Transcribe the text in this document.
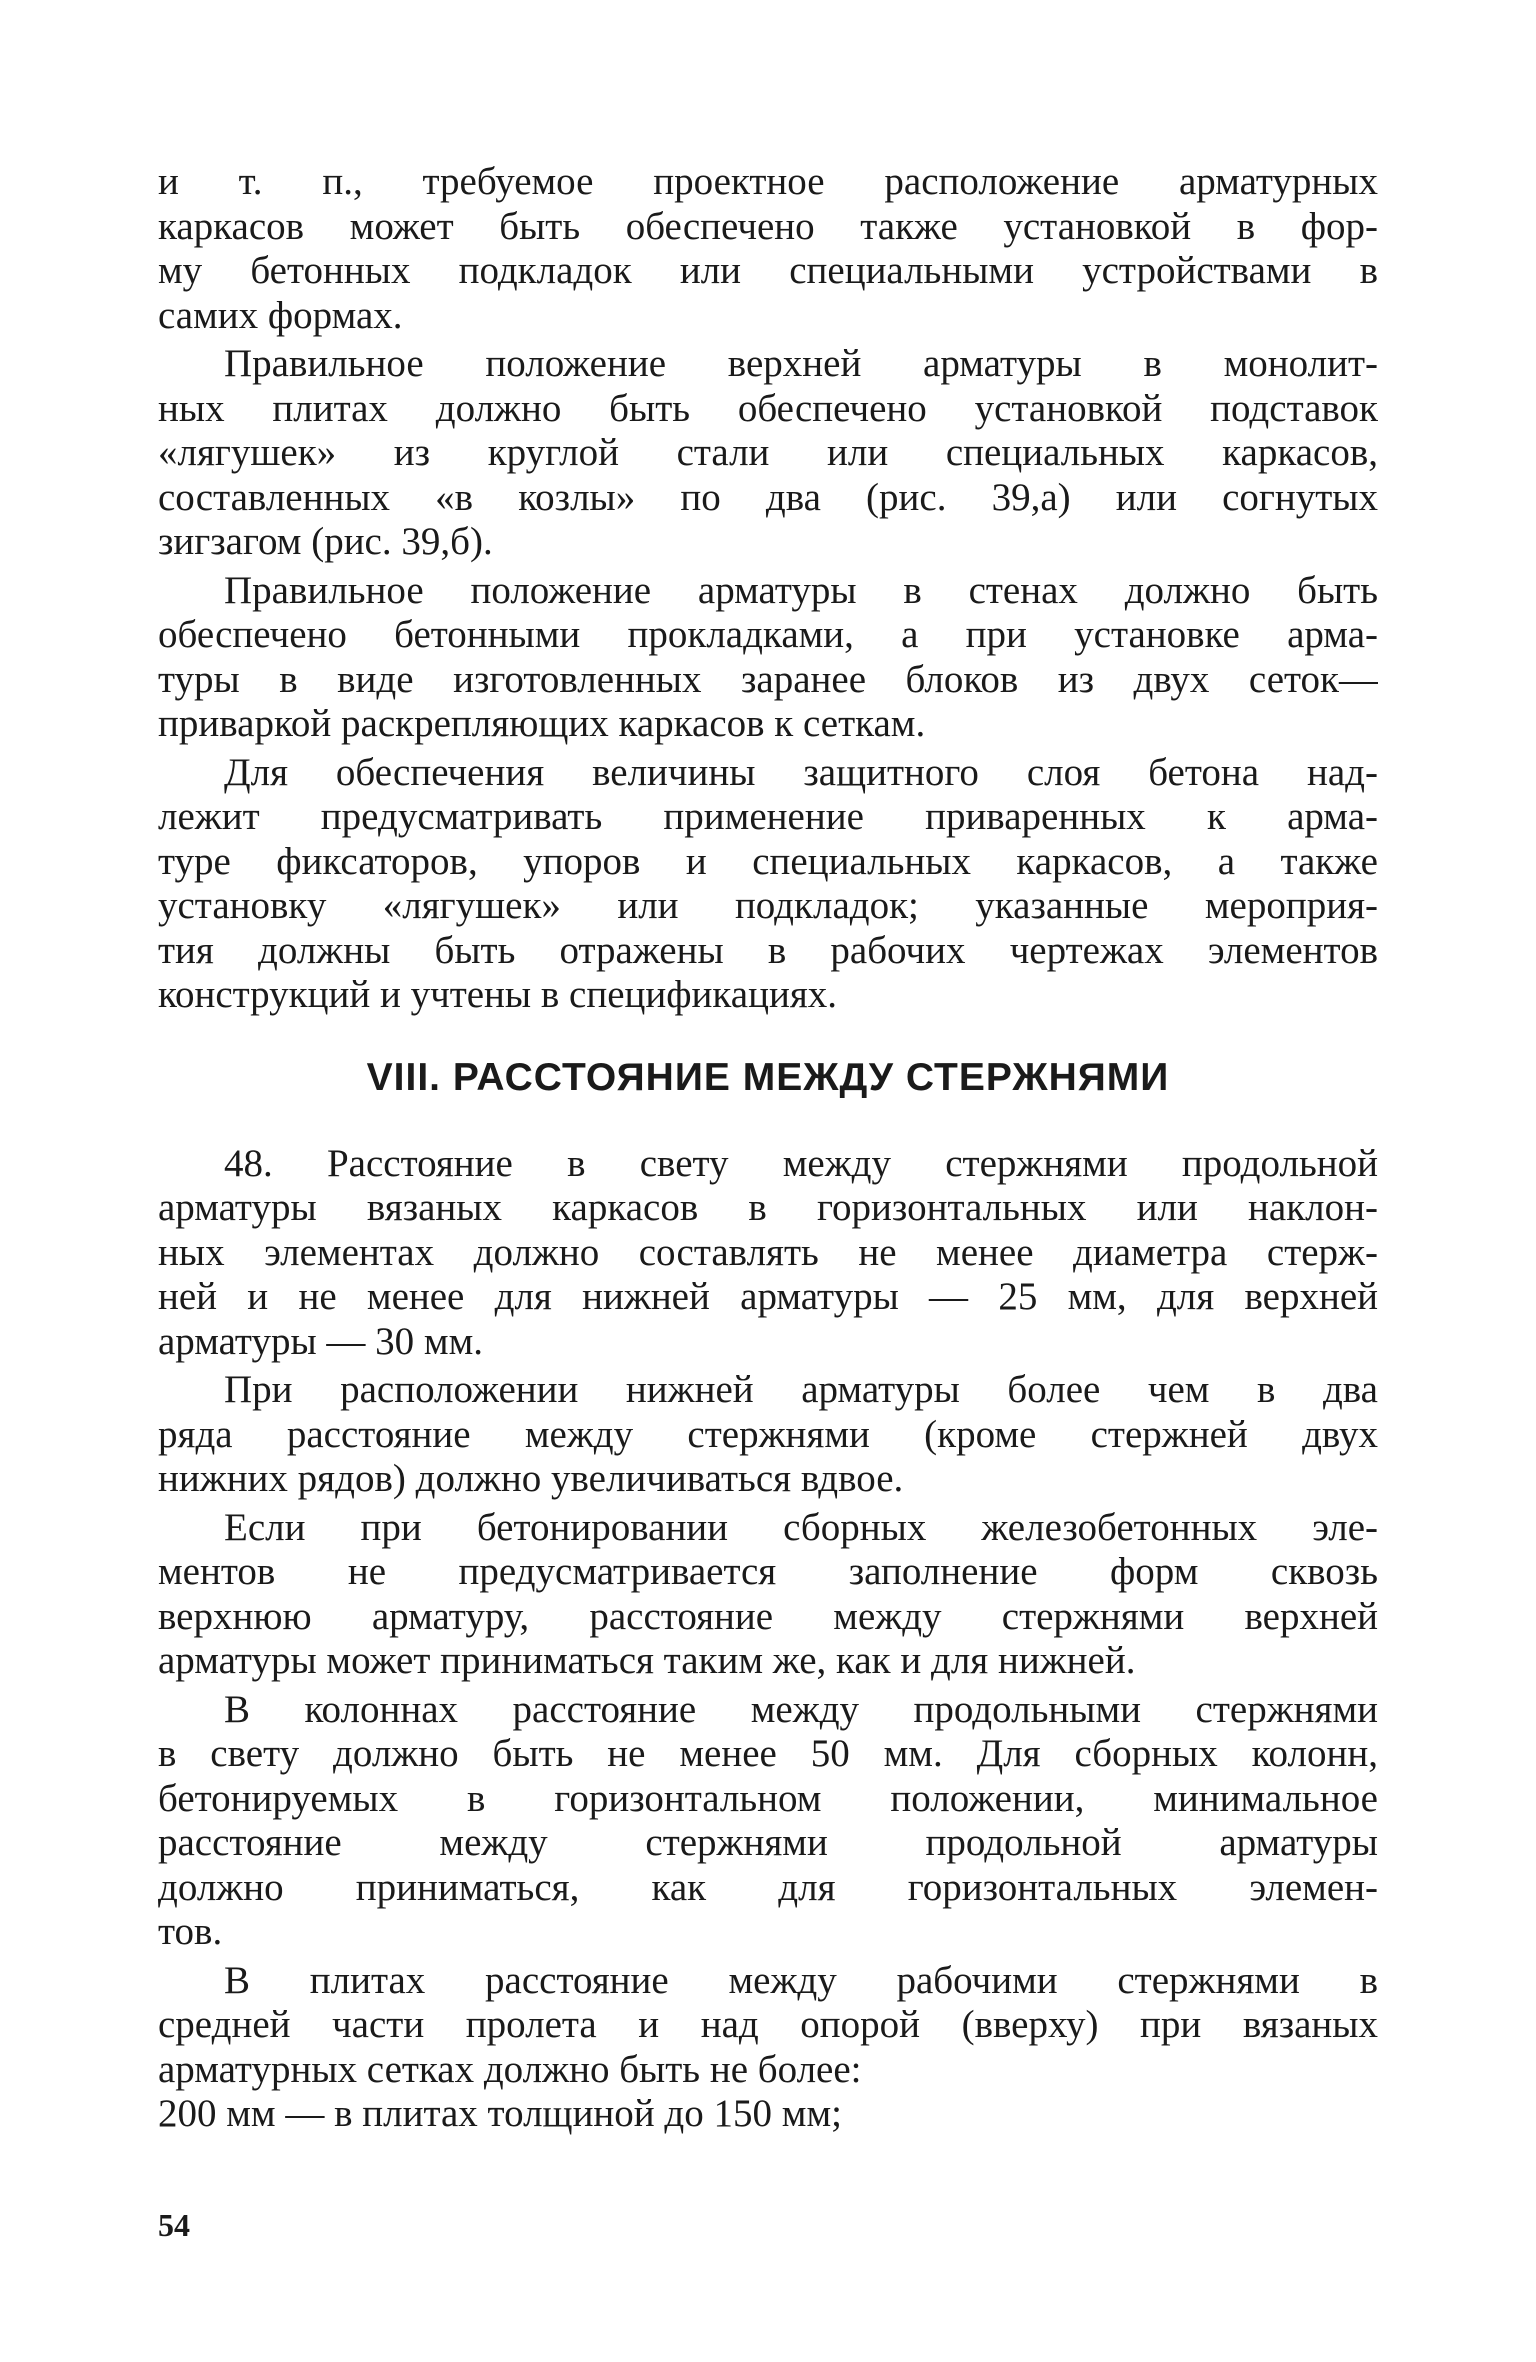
и т. п., требуемое проектное расположение арматурных
каркасов может быть обеспечено также установкой в фор-
му бетонных подкладок или специальными устройствами в
самих формах.
Правильное положение верхней арматуры в монолит-
ных плитах должно быть обеспечено установкой подставок
«лягушек» из круглой стали или специальных каркасов,
составленных «в козлы» по два (рис. 39,а) или согнутых
зигзагом (рис. 39,б).
Правильное положение арматуры в стенах должно быть
обеспечено бетонными прокладками, а при установке арма-
туры в виде изготовленных заранее блоков из двух сеток—
приваркой раскрепляющих каркасов к сеткам.
Для обеспечения величины защитного слоя бетона над-
лежит предусматривать применение приваренных к арма-
туре фиксаторов, упоров и специальных каркасов, а также
установку «лягушек» или подкладок; указанные мероприя-
тия должны быть отражены в рабочих чертежах элементов
конструкций и учтены в спецификациях.
VIII. РАССТОЯНИЕ МЕЖДУ СТЕРЖНЯМИ
48. Расстояние в свету между стержнями продольной
арматуры вязаных каркасов в горизонтальных или наклон-
ных элементах должно составлять не менее диаметра стерж-
ней и не менее для нижней арматуры — 25 мм, для верхней
арматуры — 30 мм.
При расположении нижней арматуры более чем в два
ряда расстояние между стержнями (кроме стержней двух
нижних рядов) должно увеличиваться вдвое.
Если при бетонировании сборных железобетонных эле-
ментов не предусматривается заполнение форм сквозь
верхнюю арматуру, расстояние между стержнями верхней
арматуры может приниматься таким же, как и для нижней.
В колоннах расстояние между продольными стержнями
в свету должно быть не менее 50 мм. Для сборных колонн,
бетонируемых в горизонтальном положении, минимальное
расстояние между стержнями продольной арматуры
должно приниматься, как для горизонтальных элемен-
тов.
В плитах расстояние между рабочими стержнями в
средней части пролета и над опорой (вверху) при вязаных
арматурных сетках должно быть не более:
200 мм — в плитах толщиной до 150 мм;
54
